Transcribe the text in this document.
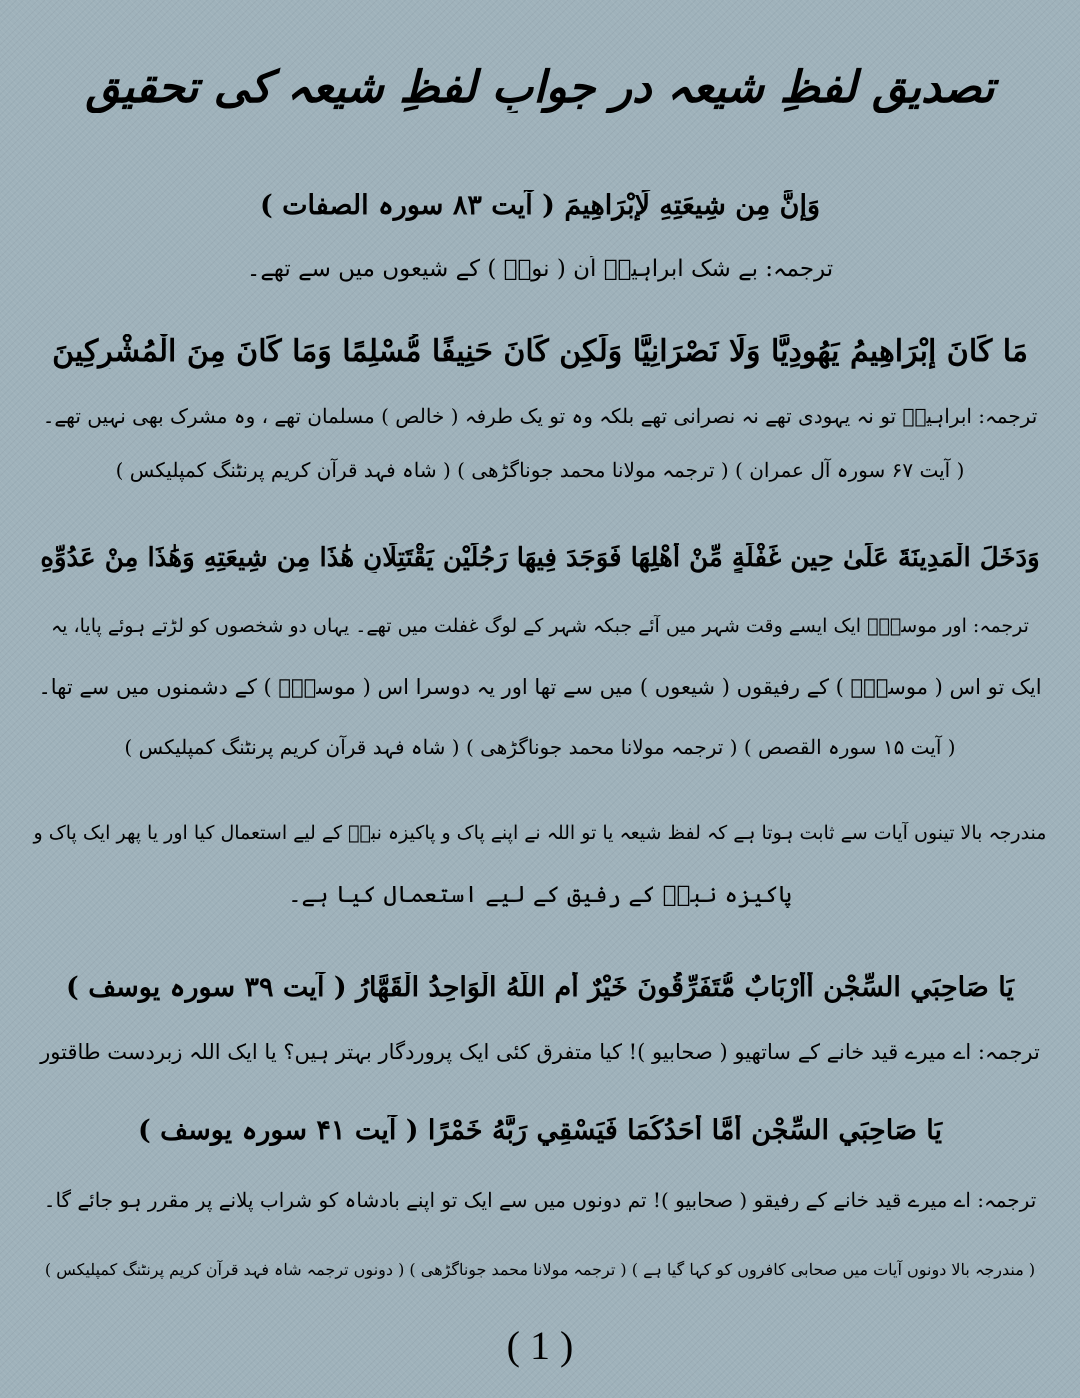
تصدیق لفظِ شیعہ در جوابِ لفظِ شیعہ کی تحقیق
وَإِنَّ مِن شِيعَتِهِ لَإِبْرَاهِيمَ ( آیت ۸۳ سورہ الصفات )
ترجمہ: بے شک ابراہیمؑ اُن ( نوحؑ ) کے شیعوں میں سے تھے۔
مَا كَانَ إِبْرَاهِيمُ يَهُودِيًّا وَلَا نَصْرَانِيًّا وَلَكِن كَانَ حَنِيفًا مُّسْلِمًا وَمَا كَانَ مِنَ الْمُشْرِكِينَ
ترجمہ: ابراہیمؑ تو نہ یہودی تھے نہ نصرانی تھے بلکہ وہ تو یک طرفہ ( خالص ) مسلمان تھے ، وہ مشرک بھی نہیں تھے۔
( آیت ۶۷ سورہ آلِ عمران ) ( ترجمہ مولانا محمد جوناگڑھی ) ( شاہ فہد قرآن کریم پرنٹنگ کمپلیکس )
وَدَخَلَ الْمَدِينَةَ عَلَىٰ حِينِ غَفْلَةٍ مِّنْ أَهْلِهَا فَوَجَدَ فِيهَا رَجُلَيْنِ يَقْتَتِلَانِ هَٰذَا مِن شِيعَتِهِ وَهَٰذَا مِنْ عَدُوِّهِ
ترجمہ: اور موسیٰؑ ایک ایسے وقت شہر میں آئے جبکہ شہر کے لوگ غفلت میں تھے۔ یہاں دو شخصوں کو لڑتے ہوئے پایا، یہ
ایک تو اس ( موسیٰؑ ) کے رفیقوں ( شیعوں ) میں سے تھا اور یہ دوسرا اس ( موسیٰؑ ) کے دشمنوں میں سے تھا۔
( آیت ۱۵ سورہ القصص ) ( ترجمہ مولانا محمد جوناگڑھی ) ( شاہ فہد قرآن کریم پرنٹنگ کمپلیکس )
مندرجہ بالا تینوں آیات سے ثابت ہوتا ہے کہ لفظ شیعہ یا تو اللہ نے اپنے پاک و پاکیزہ نبیؑ کے لیے استعمال کیا اور یا پھر ایک پاک و
پاکیزہ نبیؑ کے رفیق کے لیے استعمال کیا ہے۔
يَا صَاحِبَيِ السِّجْنِ أَأَرْبَابٌ مُّتَفَرِّقُونَ خَيْرٌ أَمِ اللَّهُ الْوَاحِدُ الْقَهَّارُ ( آیت ۳۹ سورہ یوسف )
ترجمہ: اے میرے قید خانے کے ساتھیو ( صحابیو )! کیا متفرق کئی ایک پروردگار بہتر ہیں؟ یا ایک اللہ زبردست طاقتور
يَا صَاحِبَيِ السِّجْنِ أَمَّا أَحَدُكُمَا فَيَسْقِي رَبَّهُ خَمْرًا ( آیت ۴۱ سورہ یوسف )
ترجمہ: اے میرے قید خانے کے رفیقو ( صحابیو )! تم دونوں میں سے ایک تو اپنے بادشاہ کو شراب پلانے پر مقرر ہو جائے گا۔
( مندرجہ بالا دونوں آیات میں صحابی کافروں کو کہا گیا ہے ) ( ترجمہ مولانا محمد جوناگڑھی ) ( دونوں ترجمہ شاہ فہد قرآن کریم پرنٹنگ کمپلیکس )
( 1 )
